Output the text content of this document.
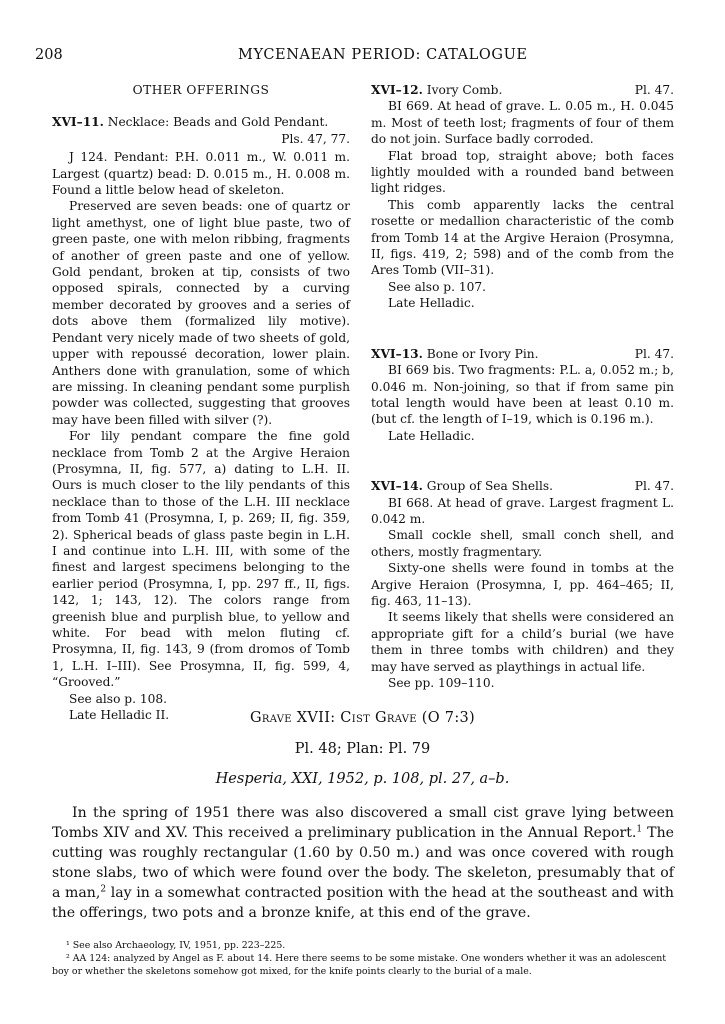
208	MYCENAEAN PERIOD: CATALOGUE

OTHER OFFERINGS

XVI–11. Necklace: Beads and Gold Pendant.

Pls. 47, 77.

J 124. Pendant: P.H. 0.011 m., W. 0.011 m. Largest (quartz) bead: D. 0.015 m., H. 0.008 m. Found a little below head of skeleton.

Preserved are seven beads: one of quartz or light amethyst, one of light blue paste, two of green paste, one with melon ribbing, fragments of another of green paste and one of yellow. Gold pendant, broken at tip, consists of two opposed spirals, connected by a curving member decorated by grooves and a series of dots above them (formalized lily motive). Pendant very nicely made of two sheets of gold, upper with repoussé decoration, lower plain. Anthers done with granulation, some of which are missing. In cleaning pendant some purplish powder was collected, suggesting that grooves may have been filled with silver (?).

For lily pendant compare the fine gold necklace from Tomb 2 at the Argive Heraion (Prosymna, II, fig. 577, a) dating to L.H. II. Ours is much closer to the lily pendants of this necklace than to those of the L.H. III necklace from Tomb 41 (Prosymna, I, p. 269; II, fig. 359, 2). Spherical beads of glass paste begin in L.H. I and continue into L.H. III, with some of the finest and largest specimens belonging to the earlier period (Prosymna, I, pp. 297 ff., II, figs. 142, 1; 143, 12). The colors range from greenish blue and purplish blue, to yellow and white. For bead with melon fluting cf. Prosymna, II, fig. 143, 9 (from dromos of Tomb 1, L.H. I–III). See Prosymna, II, fig. 599, 4, “Grooved.”

See also p. 108.

Late Helladic II.

XVI–12. Ivory Comb.	Pl. 47.

BI 669. At head of grave. L. 0.05 m., H. 0.045 m. Most of teeth lost; fragments of four of them do not join. Surface badly corroded.

Flat broad top, straight above; both faces lightly moulded with a rounded band between light ridges.

This comb apparently lacks the central rosette or medallion characteristic of the comb from Tomb 14 at the Argive Heraion (Prosymna, II, figs. 419, 2; 598) and of the comb from the Ares Tomb (VII–31).

See also p. 107.

Late Helladic.

XVI–13. Bone or Ivory Pin.	Pl. 47.

BI 669 bis. Two fragments: P.L. a, 0.052 m.; b, 0.046 m. Non-joining, so that if from same pin total length would have been at least 0.10 m. (but cf. the length of I–19, which is 0.196 m.).

Late Helladic.

XVI–14. Group of Sea Shells.	Pl. 47.

BI 668. At head of grave. Largest fragment L. 0.042 m.

Small cockle shell, small conch shell, and others, mostly fragmentary.

Sixty-one shells were found in tombs at the Argive Heraion (Prosymna, I, pp. 464–465; II, fig. 463, 11–13).

It seems likely that shells were considered an appropriate gift for a child’s burial (we have them in three tombs with children) and they may have served as playthings in actual life.

See pp. 109–110.

Grave XVII: Cist Grave (O 7:3)
Pl. 48; Plan: Pl. 79
Hesperia, XXI, 1952, p. 108, pl. 27, a–b.

In the spring of 1951 there was also discovered a small cist grave lying between Tombs XIV and XV. This received a preliminary publication in the Annual Report.$^1$ The cutting was roughly rectangular (1.60 by 0.50 m.) and was once covered with rough stone slabs, two of which were found over the body. The skeleton, presumably that of a man,$^2$ lay in a somewhat contracted position with the head at the southeast and with the offerings, two pots and a bronze knife, at this end of the grave.

¹ See also Archaeology, IV, 1951, pp. 223–225.

² AA 124: analyzed by Angel as F. about 14. Here there seems to be some mistake. One wonders whether it was an adolescent boy or whether the skeletons somehow got mixed, for the knife points clearly to the burial of a male.
